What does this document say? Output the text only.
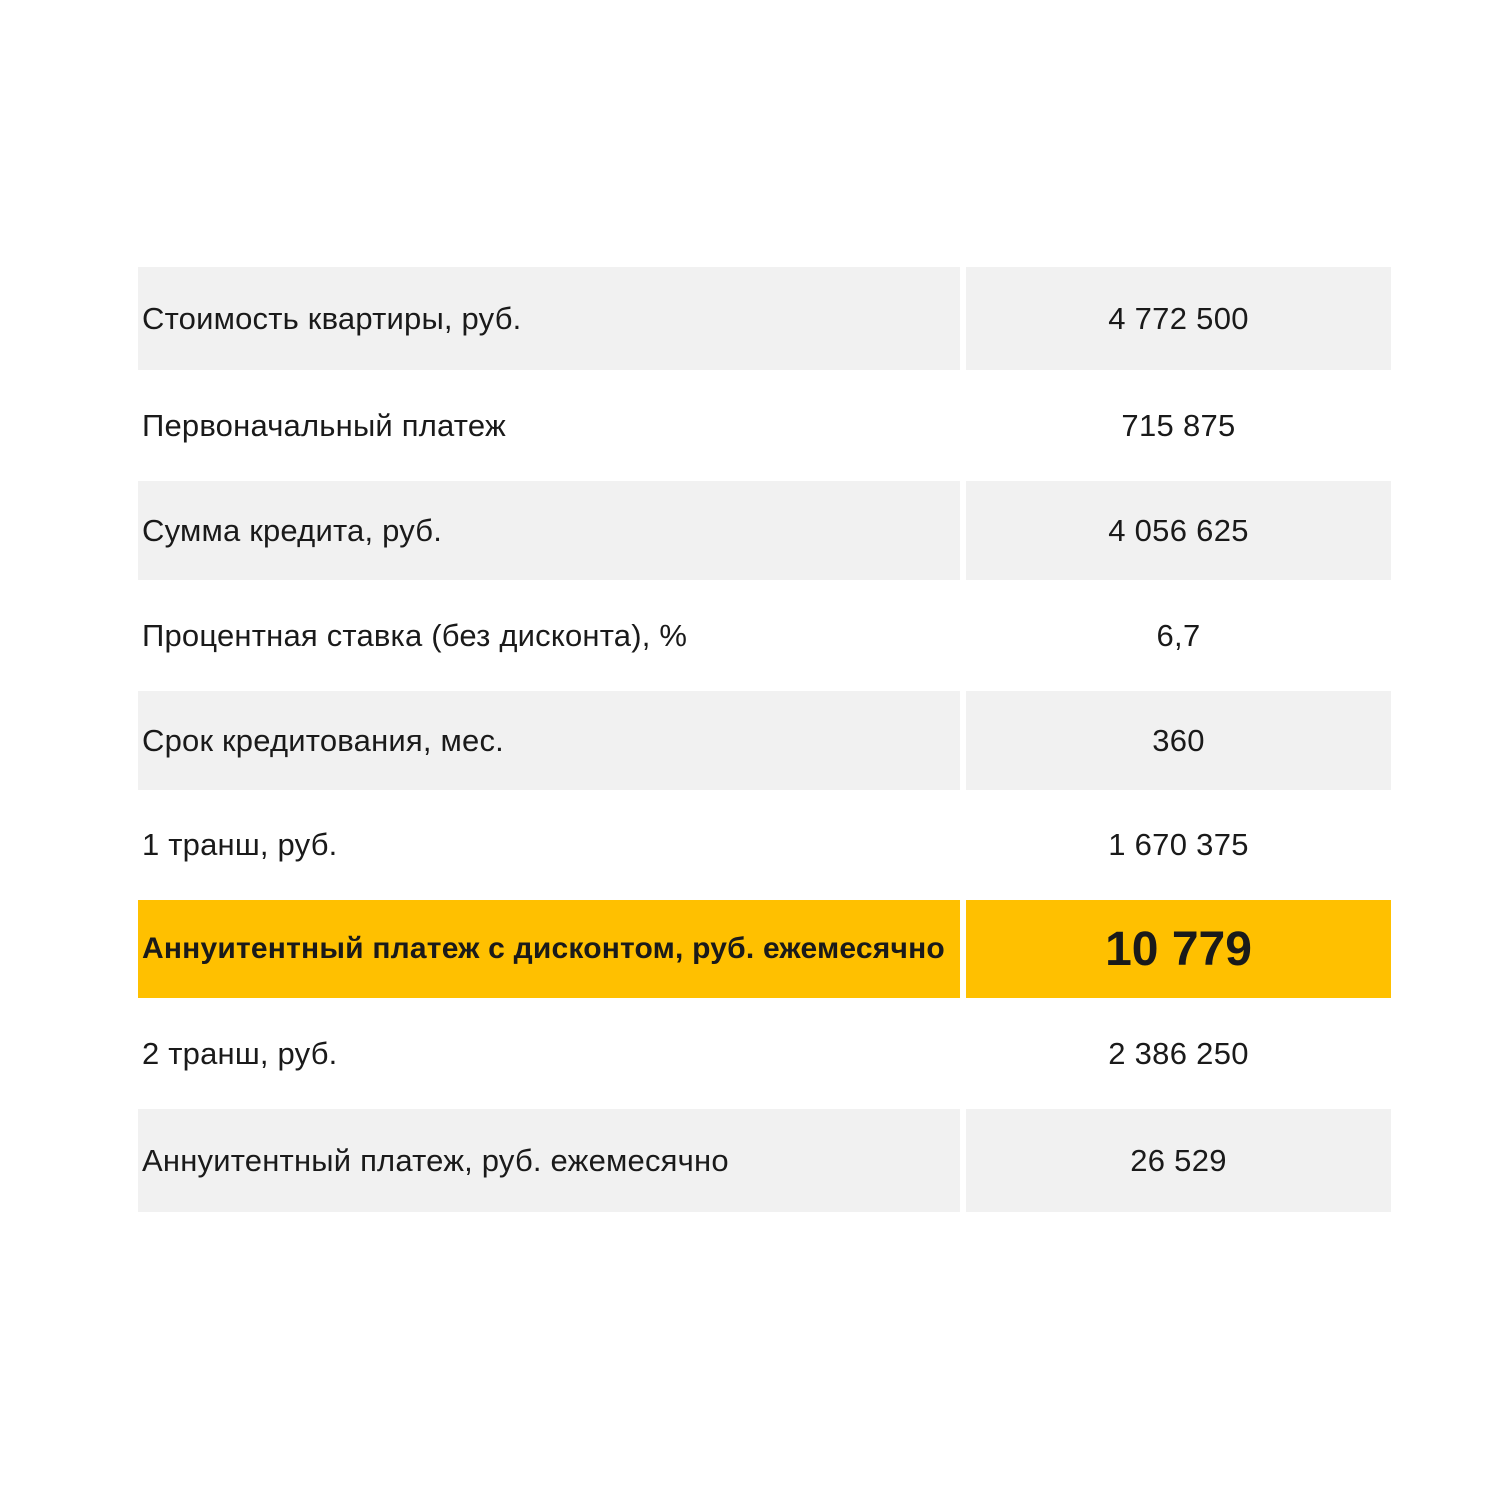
Стоимость квартиры, руб.	4 772 500
Первоначальный платеж	715 875
Сумма кредита, руб.	4 056 625
Процентная ставка (без дисконта), %	6,7
Срок кредитования, мес.	360
1 транш, руб.	1 670 375
Аннуитентный платеж с дисконтом, руб. ежемесячно	10 779
2 транш, руб.	2 386 250
Аннуитентный платеж, руб. ежемесячно	26 529
